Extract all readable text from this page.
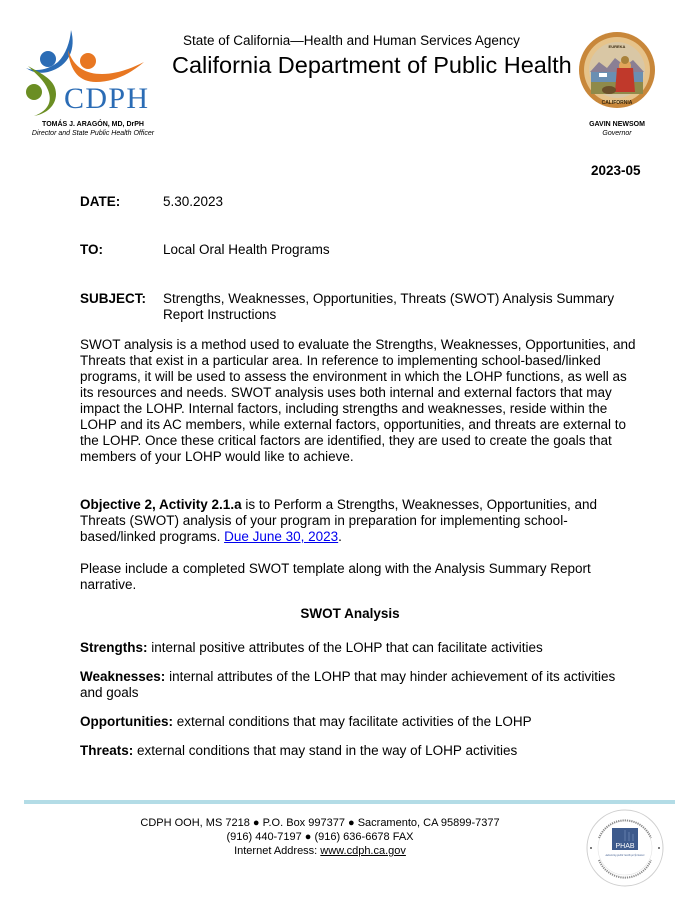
CDPH
TOMÁS J. ARAGÓN, MD, DrPH
Director and State Public Health Officer
State of California—Health and Human Services Agency
California Department of Public Health
EUREKA
CALIFORNIA
GAVIN NEWSOM
Governor
2023-05
DATE:	5.30.2023
TO:	Local Oral Health Programs
SUBJECT: Strengths, Weaknesses, Opportunities, Threats (SWOT) Analysis Summary Report Instructions
SWOT analysis is a method used to evaluate the Strengths, Weaknesses, Opportunities, and Threats that exist in a particular area. In reference to implementing school-based/linked programs, it will be used to assess the environment in which the LOHP functions, as well as its resources and needs. SWOT analysis uses both internal and external factors that may impact the LOHP. Internal factors, including strengths and weaknesses, reside within the LOHP and its AC members, while external factors, opportunities, and threats are external to the LOHP. Once these critical factors are identified, they are used to create the goals that members of your LOHP would like to achieve.
Objective 2, Activity 2.1.a is to Perform a Strengths, Weaknesses, Opportunities, and Threats (SWOT) analysis of your program in preparation for implementing school-based/linked programs. Due June 30, 2023.
Please include a completed SWOT template along with the Analysis Summary Report narrative.
SWOT Analysis
Strengths: internal positive attributes of the LOHP that can facilitate activities
Weaknesses: internal attributes of the LOHP that may hinder achievement of its activities and goals
Opportunities: external conditions that may facilitate activities of the LOHP
Threats: external conditions that may stand in the way of LOHP activities
CDPH OOH, MS 7218 ● P.O. Box 997377 ● Sacramento, CA 95899-7377
(916) 440-7197 ● (916) 636-6678 FAX
Internet Address: www.cdph.ca.gov	PHAB
Advancing public health performance
